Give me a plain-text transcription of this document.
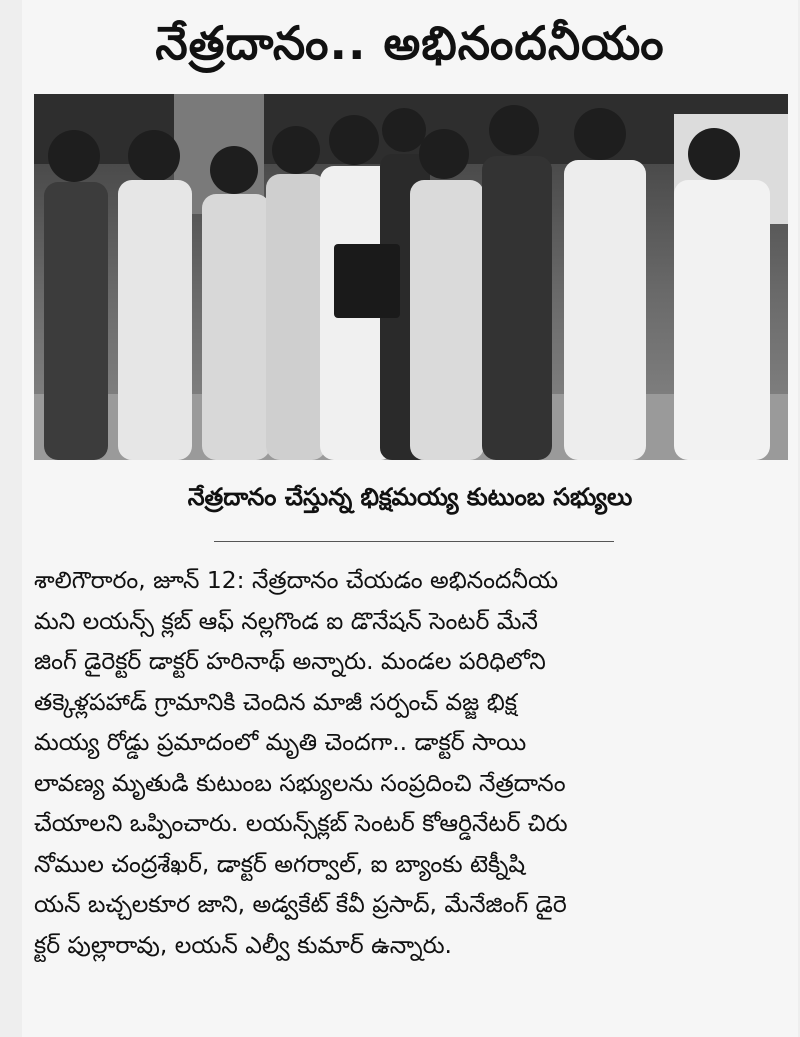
నేత్రదానం.. అభినందనీయం
నేత్రదానం చేస్తున్న భిక్షమయ్య కుటుంబ సభ్యులు

శాలిగౌరారం, జూన్ 12: నేత్రదానం చేయడం అభినందనీయ

మని లయన్స్ క్లబ్ ఆఫ్ నల్లగొండ ఐ డొనేషన్ సెంటర్ మేనే

జింగ్ డైరెక్టర్ డాక్టర్ హరినాథ్ అన్నారు. మండల పరిధిలోని

తక్కెళ్లపహాడ్ గ్రామానికి చెందిన మాజీ సర్పంచ్ వజ్జ భిక్ష

మయ్య రోడ్డు ప్రమాదంలో మృతి చెందగా.. డాక్టర్ సాయి

లావణ్య మృతుడి కుటుంబ సభ్యులను సంప్రదించి నేత్రదానం

చేయాలని ఒప్పించారు. లయన్స్‌క్లబ్ సెంటర్ కోఆర్డినేటర్ చిరు

నోముల చంద్రశేఖర్, డాక్టర్ అగర్వాల్, ఐ బ్యాంకు టెక్నీషి

యన్ బచ్చలకూర జాని, అడ్వకేట్ కేవీ ప్రసాద్, మేనేజింగ్ డైరె

క్టర్ పుల్లారావు, లయన్ ఎల్వీ కుమార్ ఉన్నారు.
